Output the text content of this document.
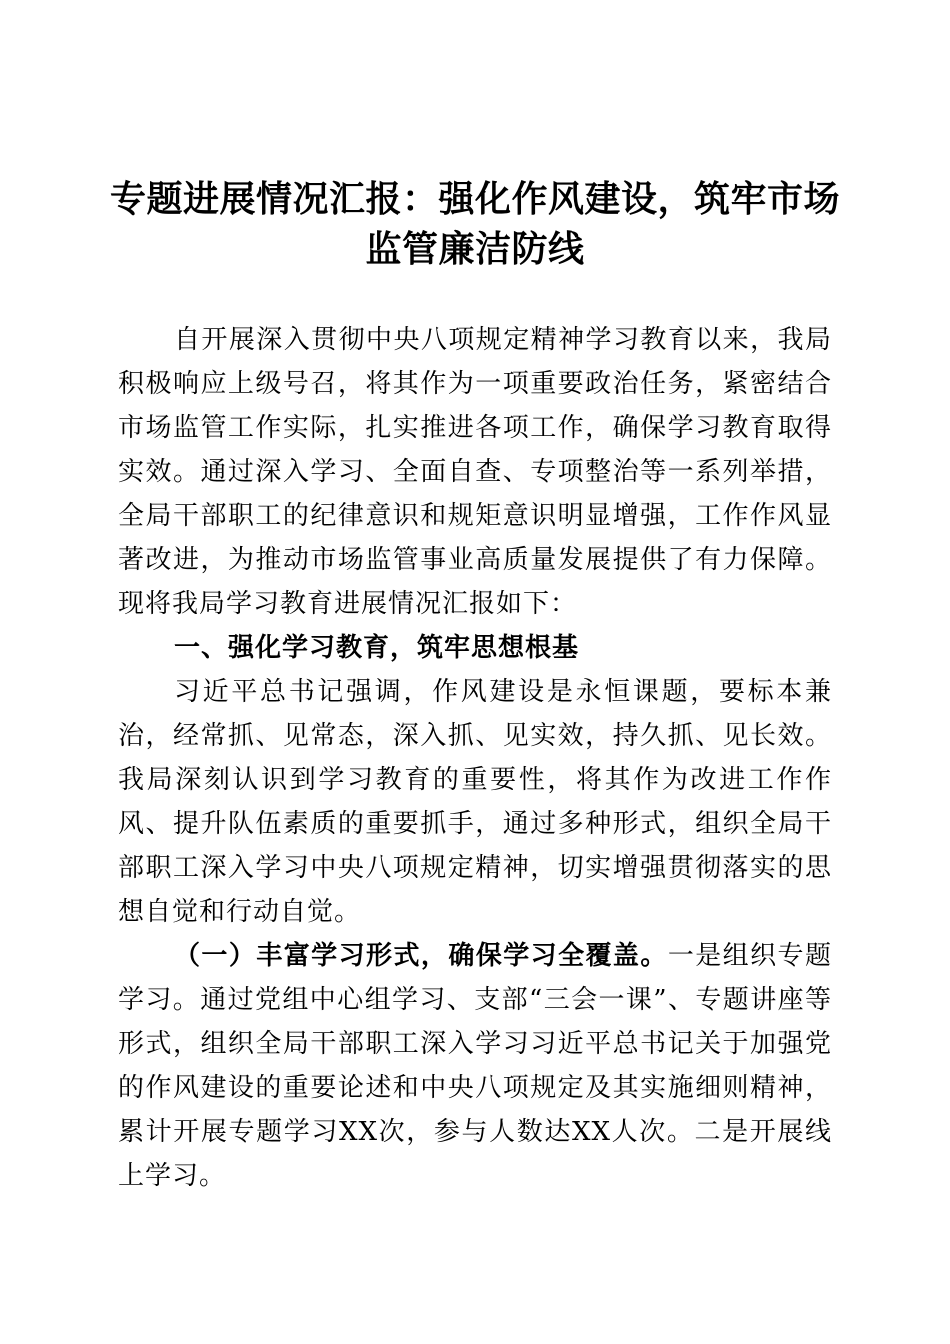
专题进展情况汇报：强化作风建设，筑牢市场监管廉洁防线

自开展深入贯彻中央八项规定精神学习教育以来，我局积极响应上级号召，将其作为一项重要政治任务，紧密结合市场监管工作实际，扎实推进各项工作，确保学习教育取得实效。通过深入学习、全面自查、专项整治等一系列举措，全局干部职工的纪律意识和规矩意识明显增强，工作作风显著改进，为推动市场监管事业高质量发展提供了有力保障。现将我局学习教育进展情况汇报如下：

一、强化学习教育，筑牢思想根基

习近平总书记强调，作风建设是永恒课题，要标本兼治，经常抓、见常态，深入抓、见实效，持久抓、见长效。我局深刻认识到学习教育的重要性，将其作为改进工作作风、提升队伍素质的重要抓手，通过多种形式，组织全局干部职工深入学习中央八项规定精神，切实增强贯彻落实的思想自觉和行动自觉。

（一）丰富学习形式，确保学习全覆盖。一是组织专题学习。通过党组中心组学习、支部“三会一课”、专题讲座等形式，组织全局干部职工深入学习习近平总书记关于加强党的作风建设的重要论述和中央八项规定及其实施细则精神，累计开展专题学习XX次，参与人数达XX人次。二是开展线上学习。
